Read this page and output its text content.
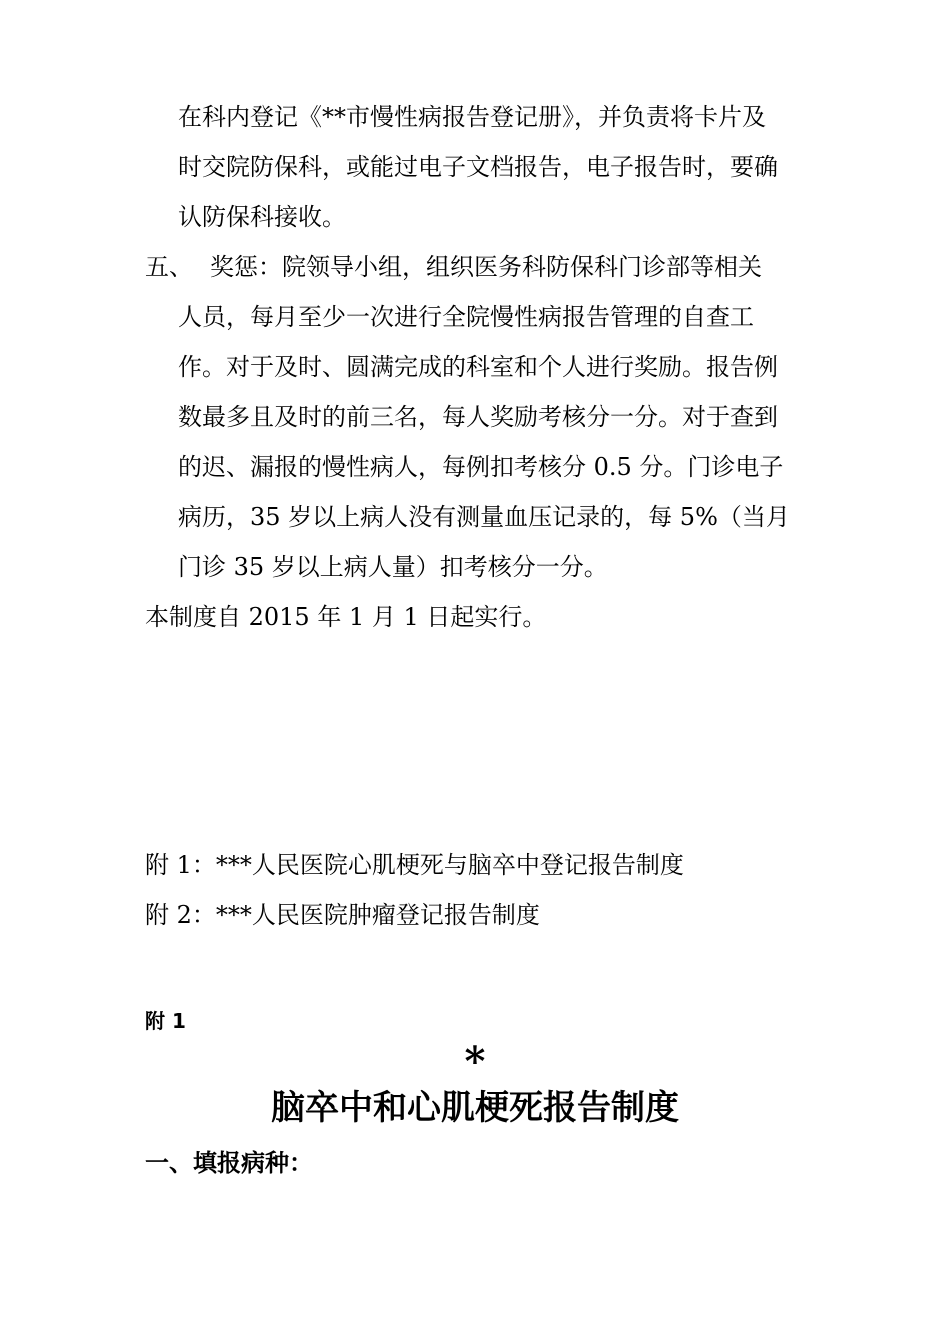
在科内登记《**市慢性病报告登记册》，并负责将卡片及
时交院防保科，或能过电子文档报告，电子报告时，要确
认防保科接收。
五、 奖惩：院领导小组，组织医务科防保科门诊部等相关
人员，每月至少一次进行全院慢性病报告管理的自查工
作。对于及时、圆满完成的科室和个人进行奖励。报告例
数最多且及时的前三名，每人奖励考核分一分。对于查到
的迟、漏报的慢性病人，每例扣考核分 0.5 分。门诊电子
病历，35 岁以上病人没有测量血压记录的，每 5%（当月
门诊 35 岁以上病人量）扣考核分一分。
本制度自 2015 年 1 月 1 日起实行。
附 1：***人民医院心肌梗死与脑卒中登记报告制度
附 2：***人民医院肿瘤登记报告制度
附 1
*
脑卒中和心肌梗死报告制度
一、填报病种：
